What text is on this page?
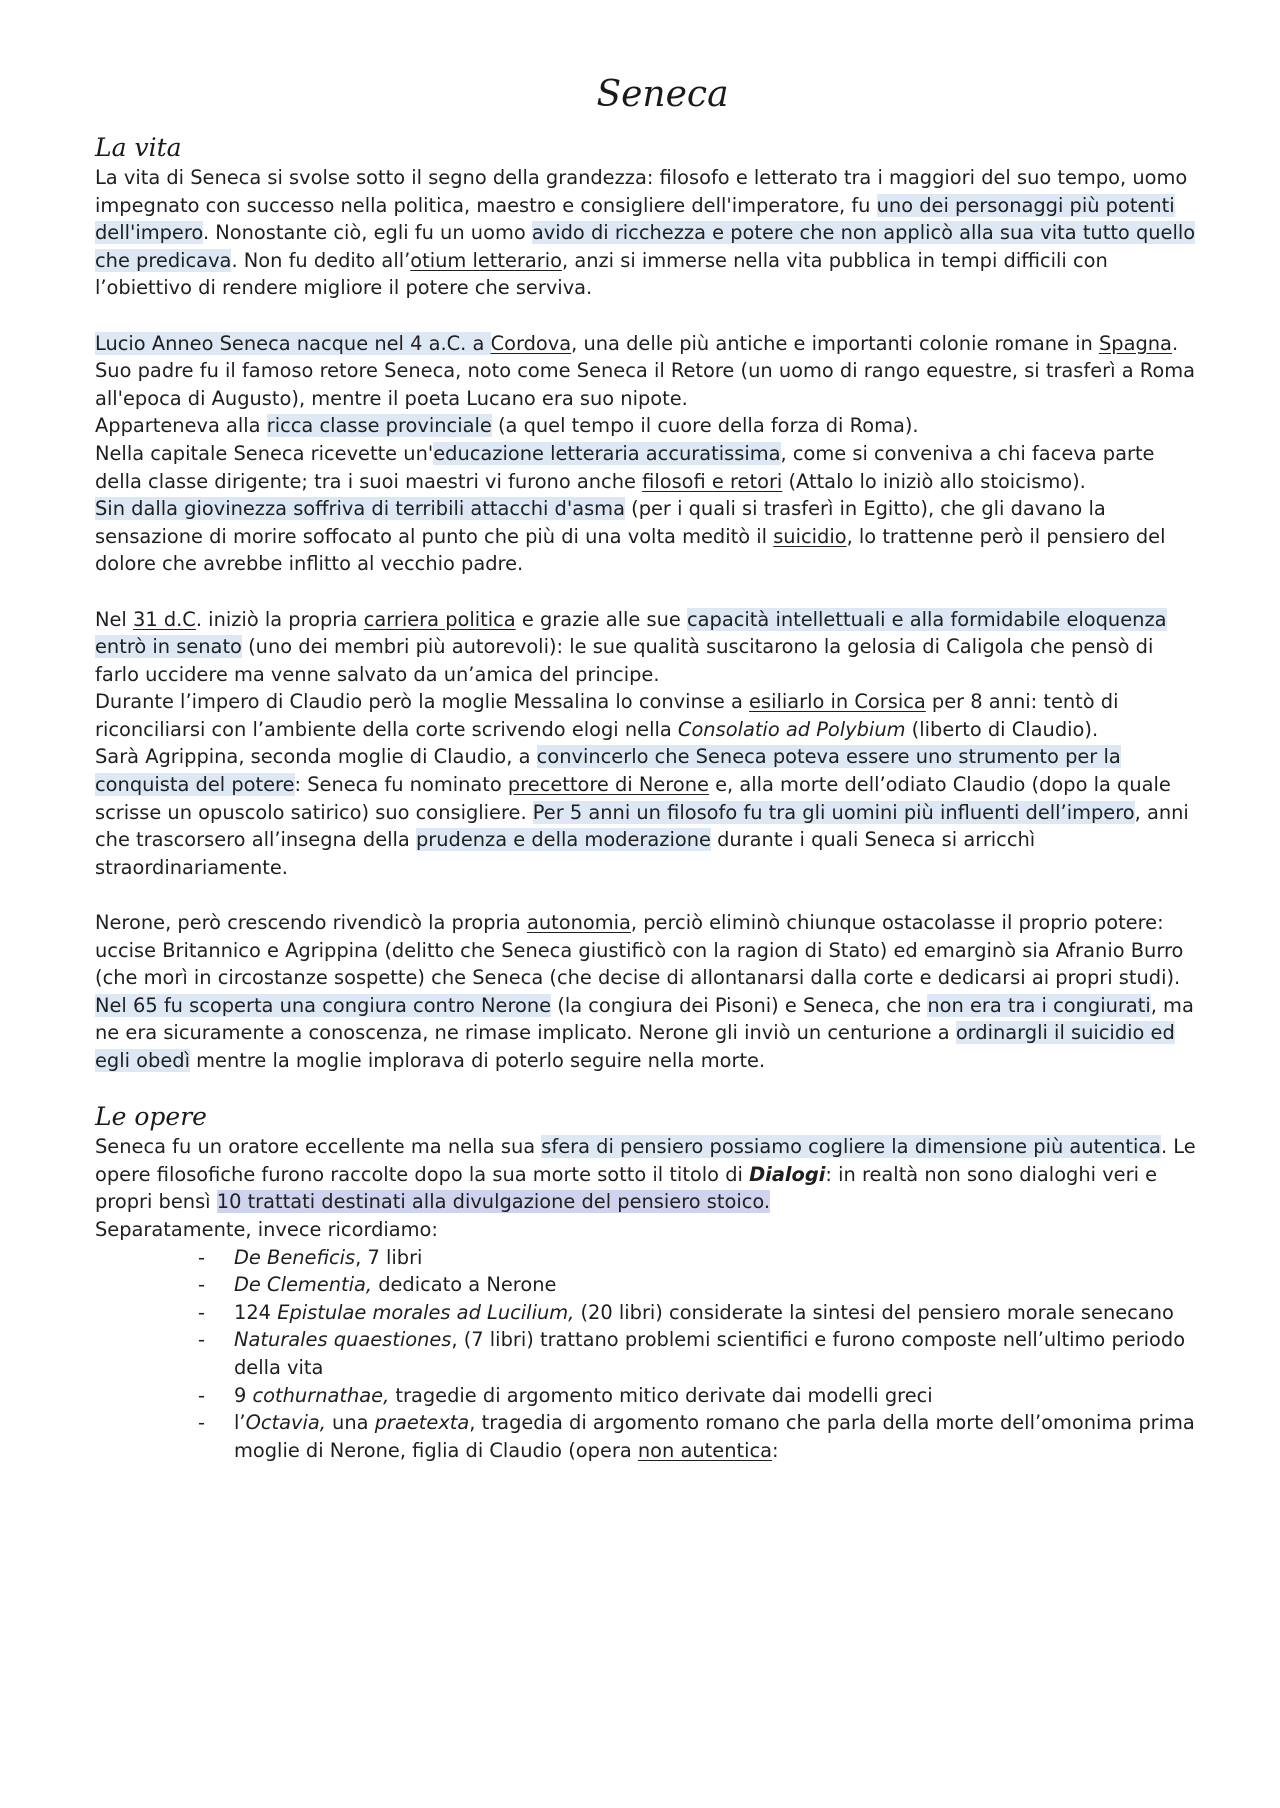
Seneca
La vita

La vita di Seneca si svolse sotto il segno della grandezza: filosofo e letterato tra i maggiori del suo tempo, uomo impegnato con successo nella politica, maestro e consigliere dell'imperatore, fu uno dei personaggi più potenti dell'impero. Nonostante ciò, egli fu un uomo avido di ricchezza e potere che non applicò alla sua vita tutto quello che predicava. Non fu dedito all’otium letterario, anzi si immerse nella vita pubblica in tempi difficili con l’obiettivo di rendere migliore il potere che serviva.

Lucio Anneo Seneca nacque nel 4 a.C. a Cordova, una delle più antiche e importanti colonie romane in Spagna. Suo padre fu il famoso retore Seneca, noto come Seneca il Retore (un uomo di rango equestre, si trasferì a Roma all'epoca di Augusto), mentre il poeta Lucano era suo nipote.
Apparteneva alla ricca classe provinciale (a quel tempo il cuore della forza di Roma).
Nella capitale Seneca ricevette un'educazione letteraria accuratissima, come si conveniva a chi faceva parte della classe dirigente; tra i suoi maestri vi furono anche filosofi e retori (Attalo lo iniziò allo stoicismo).
Sin dalla giovinezza soffriva di terribili attacchi d'asma (per i quali si trasferì in Egitto), che gli davano la sensazione di morire soffocato al punto che più di una volta meditò il suicidio, lo trattenne però il pensiero del dolore che avrebbe inflitto al vecchio padre.

Nel 31 d.C. iniziò la propria carriera politica e grazie alle sue capacità intellettuali e alla formidabile eloquenza entrò in senato (uno dei membri più autorevoli): le sue qualità suscitarono la gelosia di Caligola che pensò di farlo uccidere ma venne salvato da un’amica del principe.
Durante l’impero di Claudio però la moglie Messalina lo convinse a esiliarlo in Corsica per 8 anni: tentò di riconciliarsi con l’ambiente della corte scrivendo elogi nella Consolatio ad Polybium (liberto di Claudio).
Sarà Agrippina, seconda moglie di Claudio, a convincerlo che Seneca poteva essere uno strumento per la conquista del potere: Seneca fu nominato precettore di Nerone e, alla morte dell’odiato Claudio (dopo la quale scrisse un opuscolo satirico) suo consigliere. Per 5 anni un filosofo fu tra gli uomini più influenti dell’impero, anni che trascorsero all’insegna della prudenza e della moderazione durante i quali Seneca si arricchì straordinariamente.

Nerone, però crescendo rivendicò la propria autonomia, perciò eliminò chiunque ostacolasse il proprio potere: uccise Britannico e Agrippina (delitto che Seneca giustificò con la ragion di Stato) ed emarginò sia Afranio Burro (che morì in circostanze sospette) che Seneca (che decise di allontanarsi dalla corte e dedicarsi ai propri studi).
Nel 65 fu scoperta una congiura contro Nerone (la congiura dei Pisoni) e Seneca, che non era tra i congiurati, ma ne era sicuramente a conoscenza, ne rimase implicato. Nerone gli inviò un centurione a ordinargli il suicidio ed egli obedì mentre la moglie implorava di poterlo seguire nella morte.

Le opere

Seneca fu un oratore eccellente ma nella sua sfera di pensiero possiamo cogliere la dimensione più autentica. Le opere filosofiche furono raccolte dopo la sua morte sotto il titolo di Dialogi: in realtà non sono dialoghi veri e propri bensì 10 trattati destinati alla divulgazione del pensiero stoico.
Separatamente, invece ricordiamo:

- De Beneficis, 7 libri
- De Clementia, dedicato a Nerone
- 124 Epistulae morales ad Lucilium, (20 libri) considerate la sintesi del pensiero morale senecano
- Naturales quaestiones, (7 libri) trattano problemi scientifici e furono composte nell’ultimo periodo della vita
- 9 cothurnathae, tragedie di argomento mitico derivate dai modelli greci
- l’Octavia, una praetexta, tragedia di argomento romano che parla della morte dell’omonima prima moglie di Nerone, figlia di Claudio (opera non autentica:
